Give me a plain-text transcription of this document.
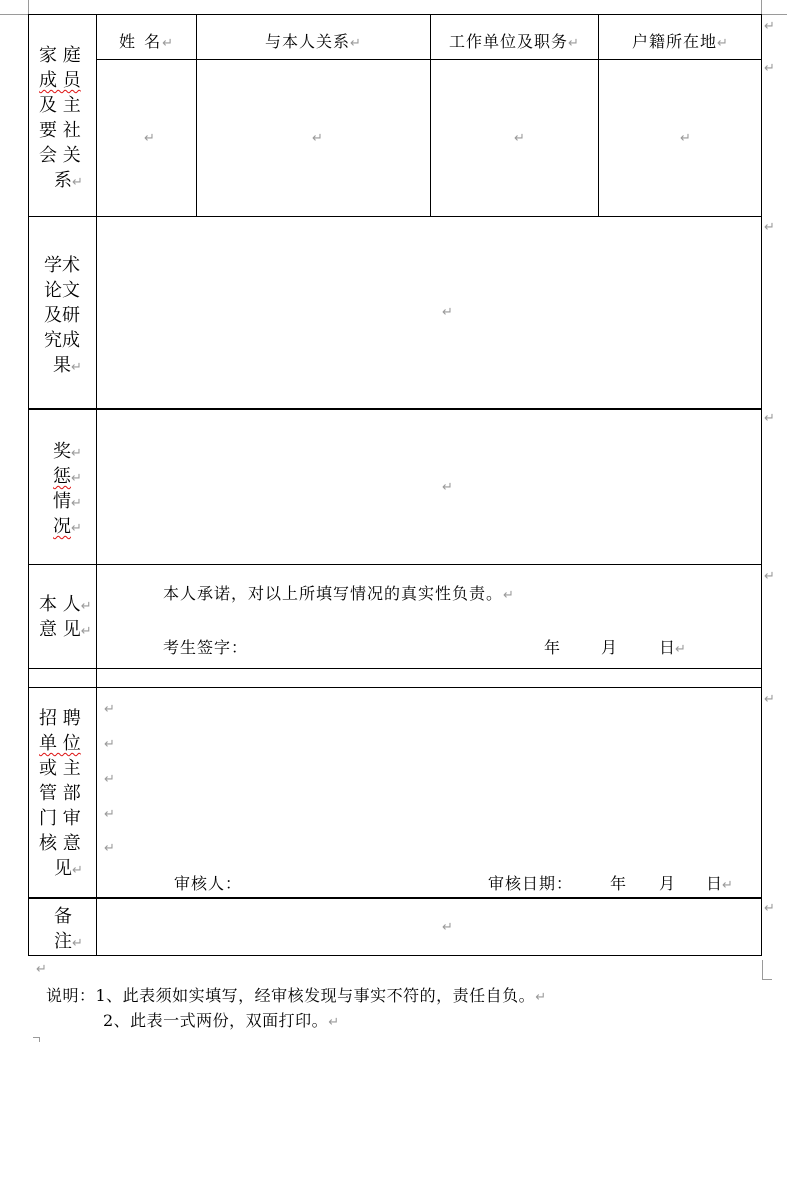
家 庭
成 员
及 主
要 社
会 关
系↵
姓 名↵	与本人关系↵	工作单位及职务↵	户籍所在地↵
↵	↵	↵	↵
学术
论文
及研
究成
果↵
↵
奖↵
惩↵
情↵
况↵
↵
本 人↵
意 见↵
本人承诺，对以上所填写情况的真实性负责。↵
考生签字：	年	月	日↵
招 聘
单 位
或 主
管 部
门 审
核 意
见↵
↵
↵
↵
↵
↵
审核人：	审核日期： 年 月 日↵
备
注↵
↵
↵
↵
↵
↵
↵
↵
↵
↵
说明：1、此表须如实填写，经审核发现与事实不符的，责任自负。↵
2、此表一式两份，双面打印。↵
